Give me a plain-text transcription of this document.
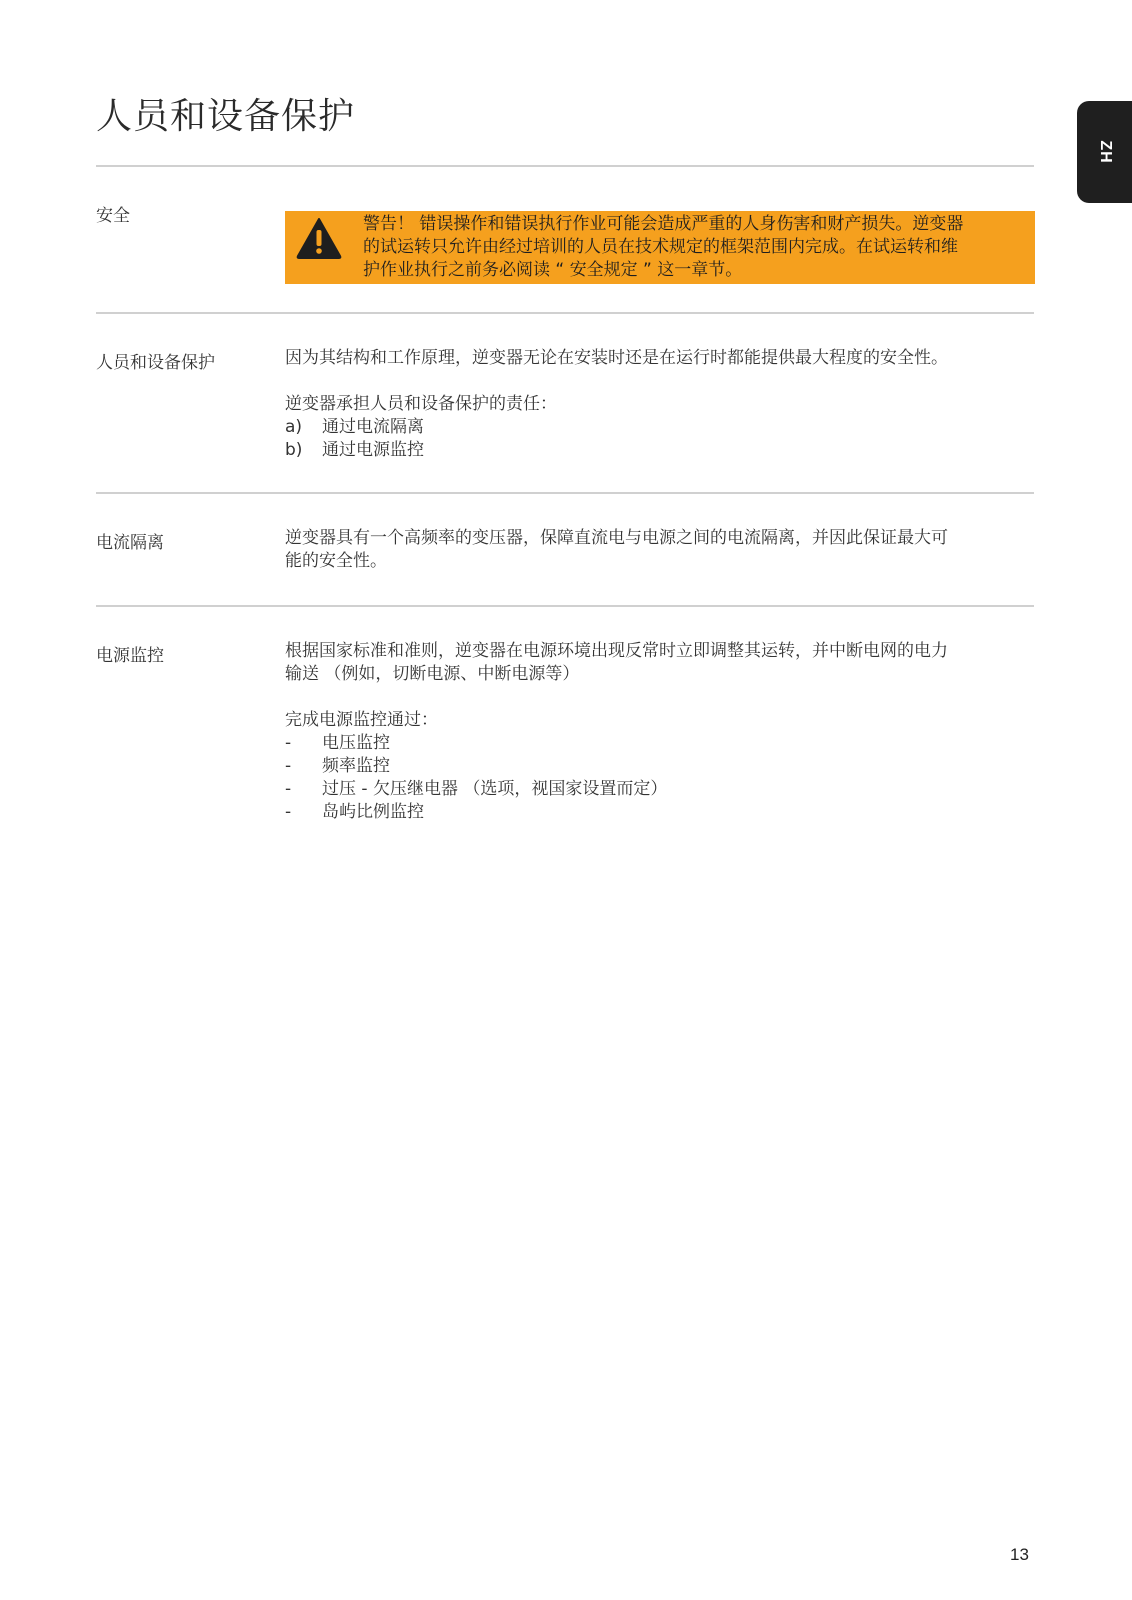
人员和设备保护
ZH
安全	警告！ 错误操作和错误执行作业可能会造成严重的人身伤害和财产损失。逆变器

的试运转只允许由经过培训的人员在技术规定的框架范围内完成。在试运转和维

护作业执行之前务必阅读 “ 安全规定 ” 这一章节。

人员和设备保护	因为其结构和工作原理，逆变器无论在安装时还是在运行时都能提供最大程度的安全性。

逆变器承担人员和设备保护的责任：

a)	通过电流隔离
b)	通过电源监控
电流隔离	逆变器具有一个高频率的变压器，保障直流电与电源之间的电流隔离，并因此保证最大可

能的安全性。

电源监控	根据国家标准和准则，逆变器在电源环境出现反常时立即调整其运转，并中断电网的电力

输送 （例如，切断电源、中断电源等）

完成电源监控通过：

-	电压监控
-	频率监控
-	过压 - 欠压继电器 （选项，视国家设置而定）
-	岛屿比例监控
13
